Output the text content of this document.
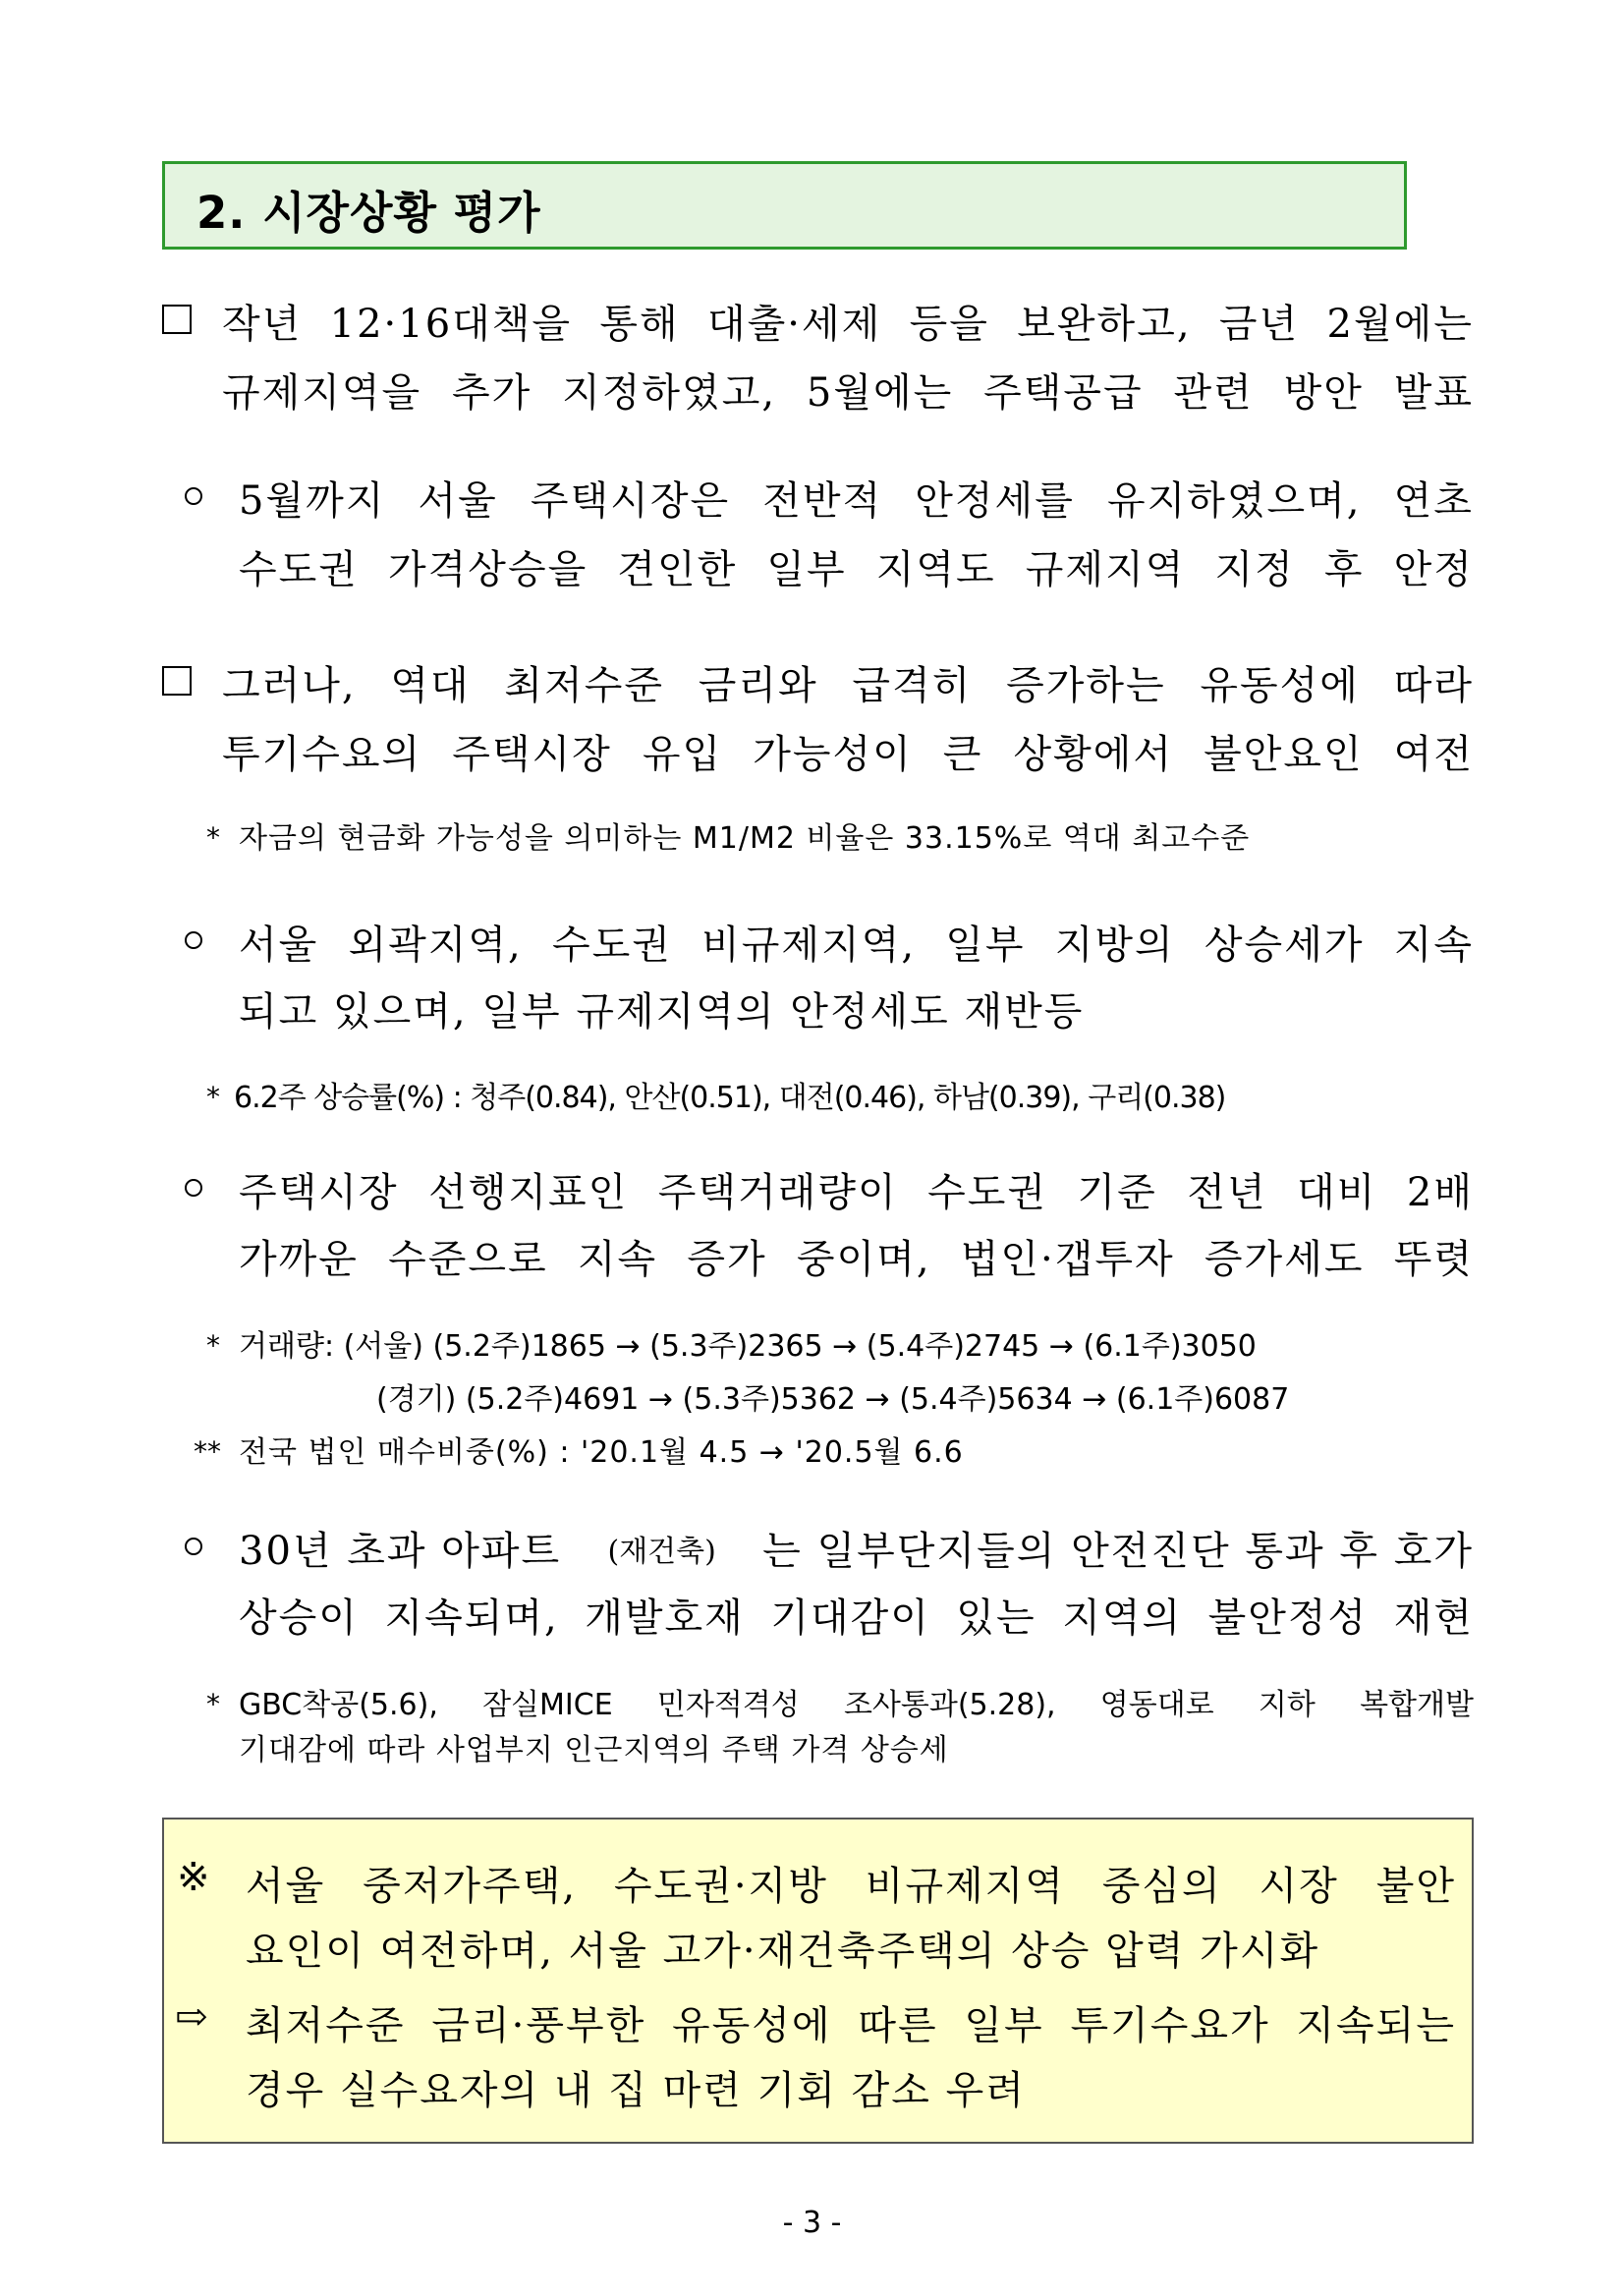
2. 시장상황 평가
작년 12·16대책을 통해 대출·세제 등을 보완하고, 금년 2월에는
규제지역을 추가 지정하였고, 5월에는 주택공급 관련 방안 발표
5월까지 서울 주택시장은 전반적 안정세를 유지하였으며, 연초
수도권 가격상승을 견인한 일부 지역도 규제지역 지정 후 안정
그러나, 역대 최저수준 금리와 급격히 증가하는 유동성에 따라
투기수요의 주택시장 유입 가능성이 큰 상황에서 불안요인 여전
* 자금의 현금화 가능성을 의미하는 M1/M2 비율은 33.15%로 역대 최고수준
서울 외곽지역, 수도권 비규제지역, 일부 지방의 상승세가 지속
되고 있으며, 일부 규제지역의 안정세도 재반등
* 6.2주 상승률(%) : 청주(0.84), 안산(0.51), 대전(0.46), 하남(0.39), 구리(0.38)
주택시장 선행지표인 주택거래량이 수도권 기준 전년 대비 2배
가까운 수준으로 지속 증가 중이며, 법인·갭투자 증가세도 뚜렷
* 거래량: (서울) (5.2주)1865 → (5.3주)2365 → (5.4주)2745 → (6.1주)3050
(경기) (5.2주)4691 → (5.3주)5362 → (5.4주)5634 → (6.1주)6087
** 전국 법인 매수비중(%) : '20.1월 4.5 → '20.5월 6.6
30년 초과 아파트 (재건축) 는 일부단지들의 안전진단 통과 후 호가
상승이 지속되며, 개발호재 기대감이 있는 지역의 불안정성 재현
* GBC착공(5.6), 잠실MICE 민자적격성 조사통과(5.28), 영동대로 지하 복합개발
기대감에 따라 사업부지 인근지역의 주택 가격 상승세
※ 서울 중저가주택, 수도권·지방 비규제지역 중심의 시장 불안
요인이 여전하며, 서울 고가·재건축주택의 상승 압력 가시화
⇨ 최저수준 금리·풍부한 유동성에 따른 일부 투기수요가 지속되는
경우 실수요자의 내 집 마련 기회 감소 우려
- 3 -
